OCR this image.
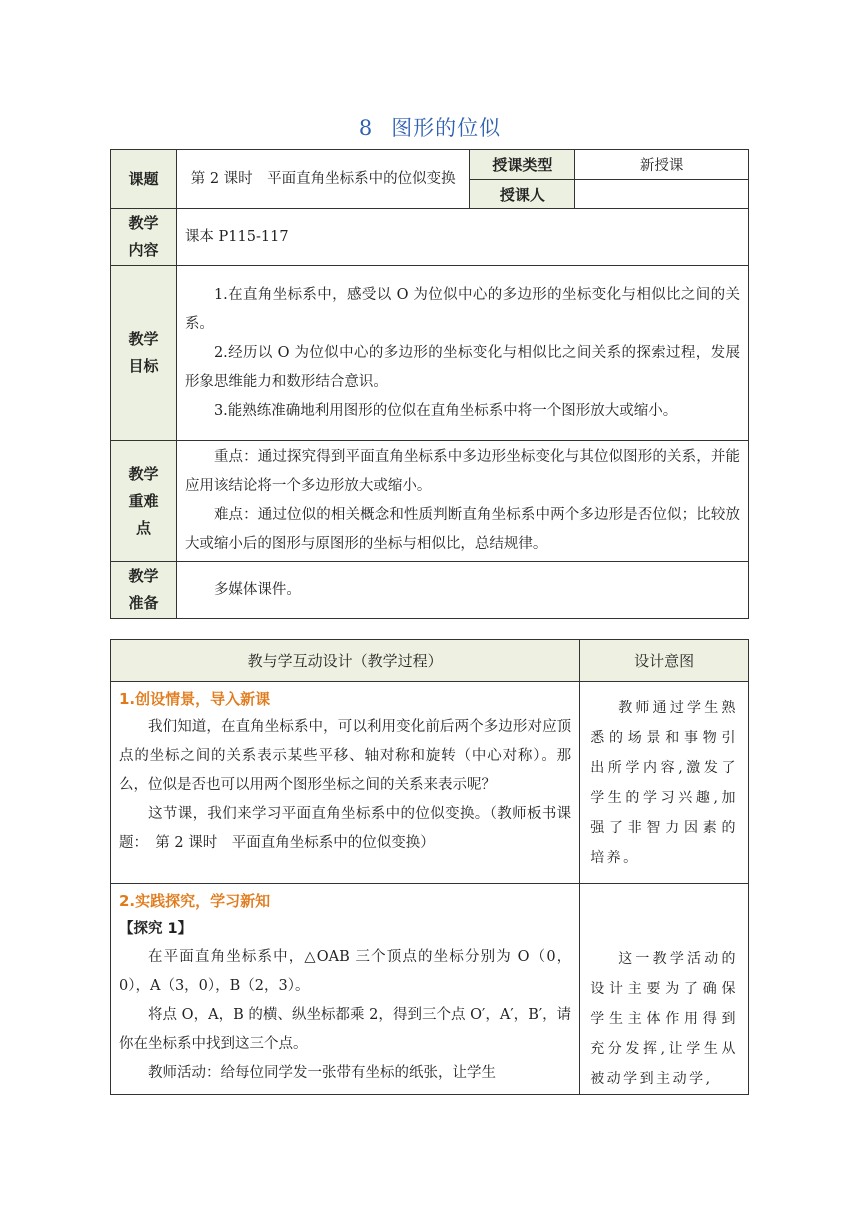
8 图形的位似
课题	第 2 课时　平面直角坐标系中的位似变换	授课类型	新授课
		授课人	
教学内容	课本 P115-117		
教学目标	1.在直角坐标系中，感受以 O 为位似中心的多边形的坐标变化与相似比之间的关系。
2.经历以 O 为位似中心的多边形的坐标变化与相似比之间关系的探索过程，发展形象思维能力和数形结合意识。
3.能熟练准确地利用图形的位似在直角坐标系中将一个图形放大或缩小。		

教学重难点	重点：通过探究得到平面直角坐标系中多边形坐标变化与其位似图形的关系，并能应用该结论将一个多边形放大或缩小。
难点：通过位似的相关概念和性质判断直角坐标系中两个多边形是否位似；比较放大或缩小后的图形与原图形的坐标与相似比，总结规律。		

教学准备	多媒体课件。		
教与学互动设计（教学过程）	设计意图

1.创设情景，导入新课
我们知道，在直角坐标系中，可以利用变化前后两个多边形对应顶点的坐标之间的关系表示某些平移、轴对称和旋转（中心对称）。那么，位似是否也可以用两个图形坐标之间的关系来表示呢？
这节课，我们来学习平面直角坐标系中的位似变换。（教师板书课题：　第 2 课时　平面直角坐标系中的位似变换）	教师通过学生熟悉的场景和事物引出所学内容,激发了学生的学习兴趣,加强了非智力因素的培养。

2.实践探究，学习新知
【探究 1】
在平面直角坐标系中，△OAB 三个顶点的坐标分别为 O（0，0），A（3，0），B（2，3）。
将点 O，A，B 的横、纵坐标都乘 2，得到三个点 O′，A′，B′，请你在坐标系中找到这三个点。
教师活动：给每位同学发一张带有坐标的纸张，让学生	这一教学活动的设计主要为了确保学生主体作用得到充分发挥,让学生从被动学到主动学,
